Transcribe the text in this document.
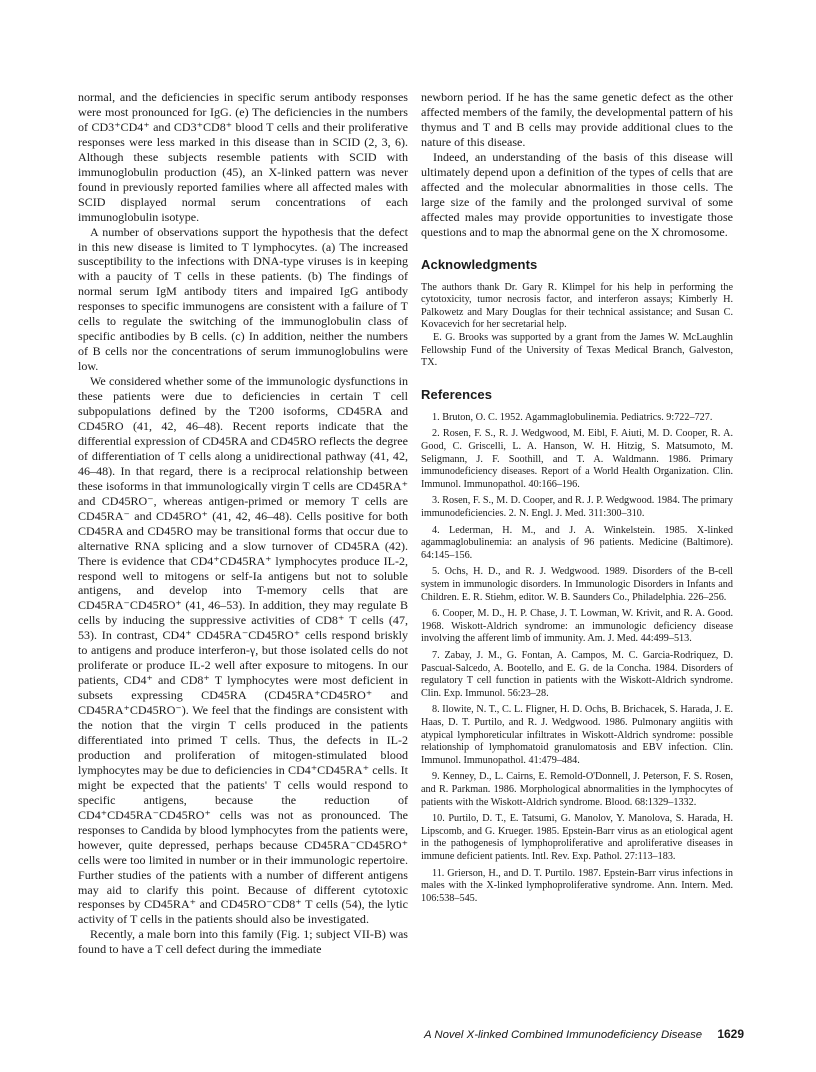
normal, and the deficiencies in specific serum antibody responses were most pronounced for IgG. (e) The deficiencies in the numbers of CD3⁺CD4⁺ and CD3⁺CD8⁺ blood T cells and their proliferative responses were less marked in this disease than in SCID (2, 3, 6). Although these subjects resemble patients with SCID with immunoglobulin production (45), an X-linked pattern was never found in previously reported families where all affected males with SCID displayed normal serum concentrations of each immunoglobulin isotype.

A number of observations support the hypothesis that the defect in this new disease is limited to T lymphocytes. (a) The increased susceptibility to the infections with DNA-type viruses is in keeping with a paucity of T cells in these patients. (b) The findings of normal serum IgM antibody titers and impaired IgG antibody responses to specific immunogens are consistent with a failure of T cells to regulate the switching of the immunoglobulin class of specific antibodies by B cells. (c) In addition, neither the numbers of B cells nor the concentrations of serum immunoglobulins were low.

We considered whether some of the immunologic dysfunctions in these patients were due to deficiencies in certain T cell subpopulations defined by the T200 isoforms, CD45RA and CD45RO (41, 42, 46–48). Recent reports indicate that the differential expression of CD45RA and CD45RO reflects the degree of differentiation of T cells along a unidirectional pathway (41, 42, 46–48). In that regard, there is a reciprocal relationship between these isoforms in that immunologically virgin T cells are CD45RA⁺ and CD45RO⁻, whereas antigen-primed or memory T cells are CD45RA⁻ and CD45RO⁺ (41, 42, 46–48). Cells positive for both CD45RA and CD45RO may be transitional forms that occur due to alternative RNA splicing and a slow turnover of CD45RA (42). There is evidence that CD4⁺CD45RA⁺ lymphocytes produce IL-2, respond well to mitogens or self-Ia antigens but not to soluble antigens, and develop into T-memory cells that are CD45RA⁻CD45RO⁺ (41, 46–53). In addition, they may regulate B cells by inducing the suppressive activities of CD8⁺ T cells (47, 53). In contrast, CD4⁺ CD45RA⁻CD45RO⁺ cells respond briskly to antigens and produce interferon-γ, but those isolated cells do not proliferate or produce IL-2 well after exposure to mitogens. In our patients, CD4⁺ and CD8⁺ T lymphocytes were most deficient in subsets expressing CD45RA (CD45RA⁺CD45RO⁺ and CD45RA⁺CD45RO⁻). We feel that the findings are consistent with the notion that the virgin T cells produced in the patients differentiated into primed T cells. Thus, the defects in IL-2 production and proliferation of mitogen-stimulated blood lymphocytes may be due to deficiencies in CD4⁺CD45RA⁺ cells. It might be expected that the patients' T cells would respond to specific antigens, because the reduction of CD4⁺CD45RA⁻CD45RO⁺ cells was not as pronounced. The responses to Candida by blood lymphocytes from the patients were, however, quite depressed, perhaps because CD45RA⁻CD45RO⁺ cells were too limited in number or in their immunologic repertoire. Further studies of the patients with a number of different antigens may aid to clarify this point. Because of different cytotoxic responses by CD45RA⁺ and CD45RO⁻CD8⁺ T cells (54), the lytic activity of T cells in the patients should also be investigated.

Recently, a male born into this family (Fig. 1; subject VII-B) was found to have a T cell defect during the immediate

newborn period. If he has the same genetic defect as the other affected members of the family, the developmental pattern of his thymus and T and B cells may provide additional clues to the nature of this disease.

Indeed, an understanding of the basis of this disease will ultimately depend upon a definition of the types of cells that are affected and the molecular abnormalities in those cells. The large size of the family and the prolonged survival of some affected males may provide opportunities to investigate those questions and to map the abnormal gene on the X chromosome.

Acknowledgments

The authors thank Dr. Gary R. Klimpel for his help in performing the cytotoxicity, tumor necrosis factor, and interferon assays; Kimberly H. Palkowetz and Mary Douglas for their technical assistance; and Susan C. Kovacevich for her secretarial help.

E. G. Brooks was supported by a grant from the James W. McLaughlin Fellowship Fund of the University of Texas Medical Branch, Galveston, TX.

References
1. Bruton, O. C. 1952. Agammaglobulinemia. Pediatrics. 9:722–727.
2. Rosen, F. S., R. J. Wedgwood, M. Eibl, F. Aiuti, M. D. Cooper, R. A. Good, C. Griscelli, L. A. Hanson, W. H. Hitzig, S. Matsumoto, M. Seligmann, J. F. Soothill, and T. A. Waldmann. 1986. Primary immunodeficiency diseases. Report of a World Health Organization. Clin. Immunol. Immunopathol. 40:166–196.
3. Rosen, F. S., M. D. Cooper, and R. J. P. Wedgwood. 1984. The primary immunodeficiencies. 2. N. Engl. J. Med. 311:300–310.
4. Lederman, H. M., and J. A. Winkelstein. 1985. X-linked agammaglobulinemia: an analysis of 96 patients. Medicine (Baltimore). 64:145–156.
5. Ochs, H. D., and R. J. Wedgwood. 1989. Disorders of the B-cell system in immunologic disorders. In Immunologic Disorders in Infants and Children. E. R. Stiehm, editor. W. B. Saunders Co., Philadelphia. 226–256.
6. Cooper, M. D., H. P. Chase, J. T. Lowman, W. Krivit, and R. A. Good. 1968. Wiskott-Aldrich syndrome: an immunologic deficiency disease involving the afferent limb of immunity. Am. J. Med. 44:499–513.
7. Zabay, J. M., G. Fontan, A. Campos, M. C. Garcia-Rodriquez, D. Pascual-Salcedo, A. Bootello, and E. G. de la Concha. 1984. Disorders of regulatory T cell function in patients with the Wiskott-Aldrich syndrome. Clin. Exp. Immunol. 56:23–28.
8. Ilowite, N. T., C. L. Fligner, H. D. Ochs, B. Brichacek, S. Harada, J. E. Haas, D. T. Purtilo, and R. J. Wedgwood. 1986. Pulmonary angiitis with atypical lymphoreticular infiltrates in Wiskott-Aldrich syndrome: possible relationship of lymphomatoid granulomatosis and EBV infection. Clin. Immunol. Immunopathol. 41:479–484.
9. Kenney, D., L. Cairns, E. Remold-O'Donnell, J. Peterson, F. S. Rosen, and R. Parkman. 1986. Morphological abnormalities in the lymphocytes of patients with the Wiskott-Aldrich syndrome. Blood. 68:1329–1332.
10. Purtilo, D. T., E. Tatsumi, G. Manolov, Y. Manolova, S. Harada, H. Lipscomb, and G. Krueger. 1985. Epstein-Barr virus as an etiological agent in the pathogenesis of lymphoproliferative and aproliferative diseases in immune deficient patients. Intl. Rev. Exp. Pathol. 27:113–183.
11. Grierson, H., and D. T. Purtilo. 1987. Epstein-Barr virus infections in males with the X-linked lymphoproliferative syndrome. Ann. Intern. Med. 106:538–545.
A Novel X-linked Combined Immunodeficiency Disease 1629
